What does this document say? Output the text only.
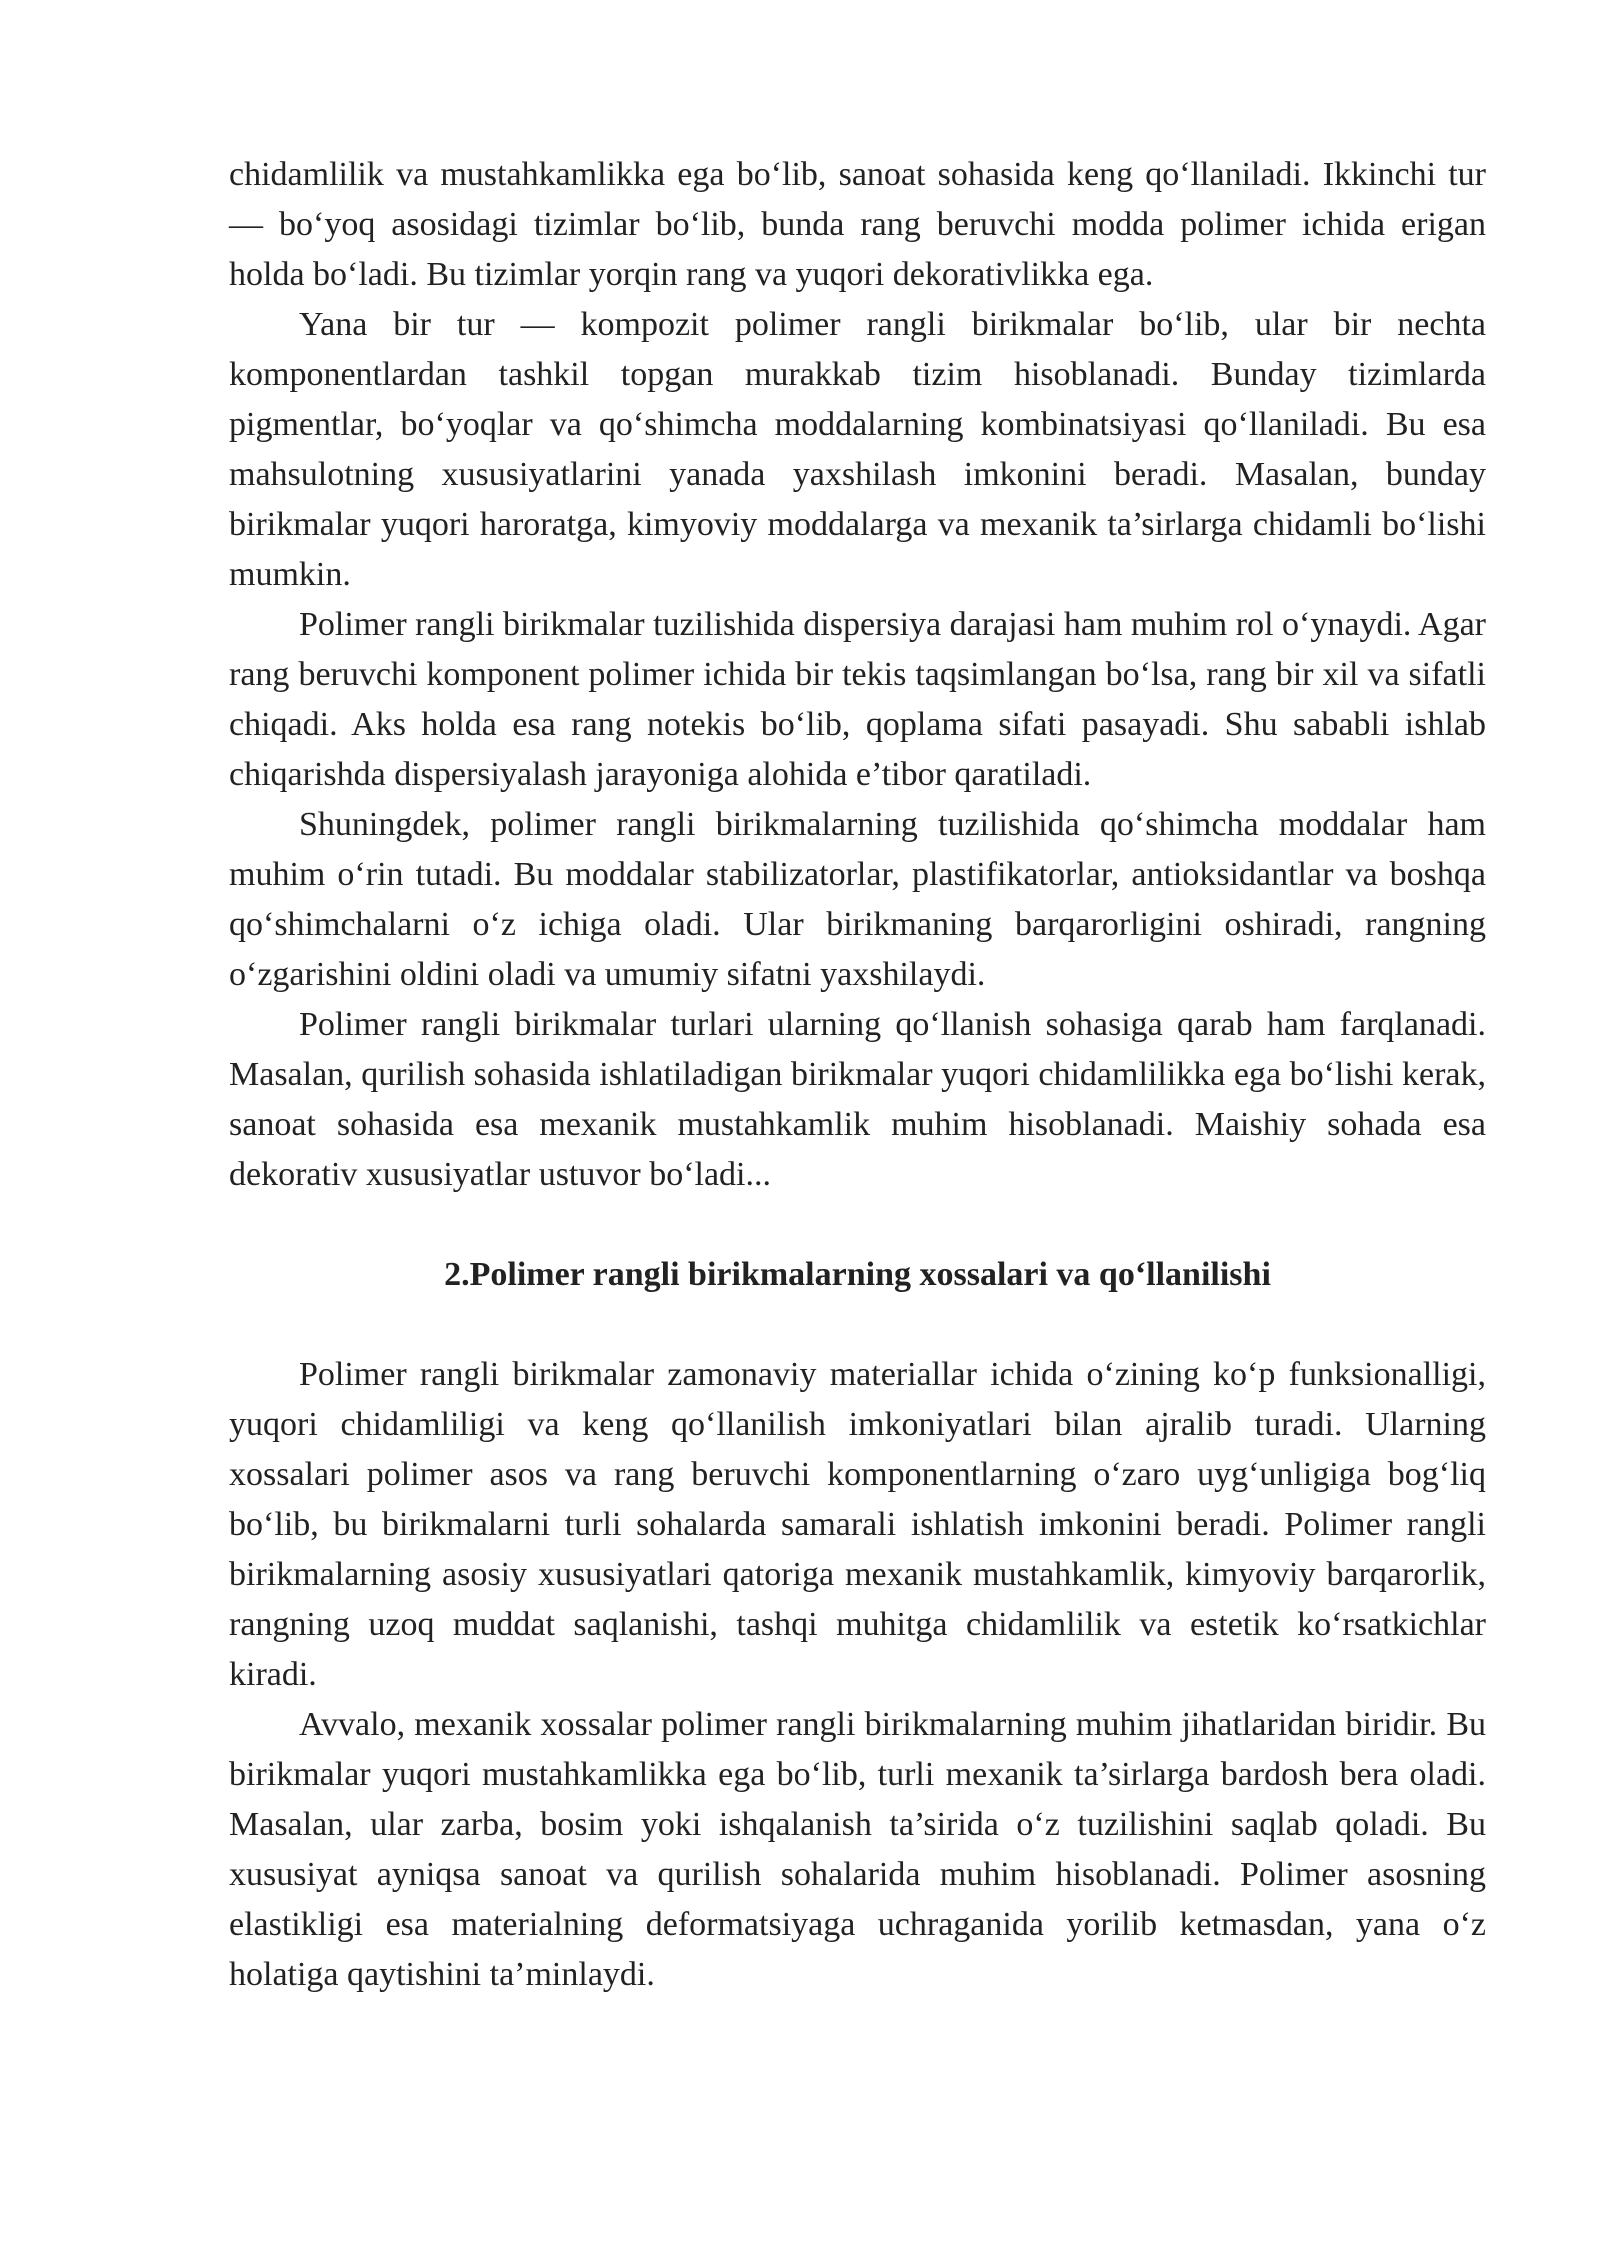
chidamlilik va mustahkamlikka ega bo‘lib, sanoat sohasida keng qo‘llaniladi. Ikkinchi tur — bo‘yoq asosidagi tizimlar bo‘lib, bunda rang beruvchi modda polimer ichida erigan holda bo‘ladi. Bu tizimlar yorqin rang va yuqori dekorativlikka ega.

Yana bir tur — kompozit polimer rangli birikmalar bo‘lib, ular bir nechta komponentlardan tashkil topgan murakkab tizim hisoblanadi. Bunday tizimlarda pigmentlar, bo‘yoqlar va qo‘shimcha moddalarning kombinatsiyasi qo‘llaniladi. Bu esa mahsulotning xususiyatlarini yanada yaxshilash imkonini beradi. Masalan, bunday birikmalar yuqori haroratga, kimyoviy moddalarga va mexanik ta’sirlarga chidamli bo‘lishi mumkin.

Polimer rangli birikmalar tuzilishida dispersiya darajasi ham muhim rol o‘ynaydi. Agar rang beruvchi komponent polimer ichida bir tekis taqsimlangan bo‘lsa, rang bir xil va sifatli chiqadi. Aks holda esa rang notekis bo‘lib, qoplama sifati pasayadi. Shu sababli ishlab chiqarishda dispersiyalash jarayoniga alohida e’tibor qaratiladi.

Shuningdek, polimer rangli birikmalarning tuzilishida qo‘shimcha moddalar ham muhim o‘rin tutadi. Bu moddalar stabilizatorlar, plastifikatorlar, antioksidantlar va boshqa qo‘shimchalarni o‘z ichiga oladi. Ular birikmaning barqarorligini oshiradi, rangning o‘zgarishini oldini oladi va umumiy sifatni yaxshilaydi.

Polimer rangli birikmalar turlari ularning qo‘llanish sohasiga qarab ham farqlanadi. Masalan, qurilish sohasida ishlatiladigan birikmalar yuqori chidamlilikka ega bo‘lishi kerak, sanoat sohasida esa mexanik mustahkamlik muhim hisoblanadi. Maishiy sohada esa dekorativ xususiyatlar ustuvor bo‘ladi...

2.Polimer rangli birikmalarning xossalari va qo‘llanilishi

Polimer rangli birikmalar zamonaviy materiallar ichida o‘zining ko‘p funksionalligi, yuqori chidamliligi va keng qo‘llanilish imkoniyatlari bilan ajralib turadi. Ularning xossalari polimer asos va rang beruvchi komponentlarning o‘zaro uyg‘unligiga bog‘liq bo‘lib, bu birikmalarni turli sohalarda samarali ishlatish imkonini beradi. Polimer rangli birikmalarning asosiy xususiyatlari qatoriga mexanik mustahkamlik, kimyoviy barqarorlik, rangning uzoq muddat saqlanishi, tashqi muhitga chidamlilik va estetik ko‘rsatkichlar kiradi.

Avvalo, mexanik xossalar polimer rangli birikmalarning muhim jihatlaridan biridir. Bu birikmalar yuqori mustahkamlikka ega bo‘lib, turli mexanik ta’sirlarga bardosh bera oladi. Masalan, ular zarba, bosim yoki ishqalanish ta’sirida o‘z tuzilishini saqlab qoladi. Bu xususiyat ayniqsa sanoat va qurilish sohalarida muhim hisoblanadi. Polimer asosning elastikligi esa materialning deformatsiyaga uchraganida yorilib ketmasdan, yana o‘z holatiga qaytishini ta’minlaydi.
